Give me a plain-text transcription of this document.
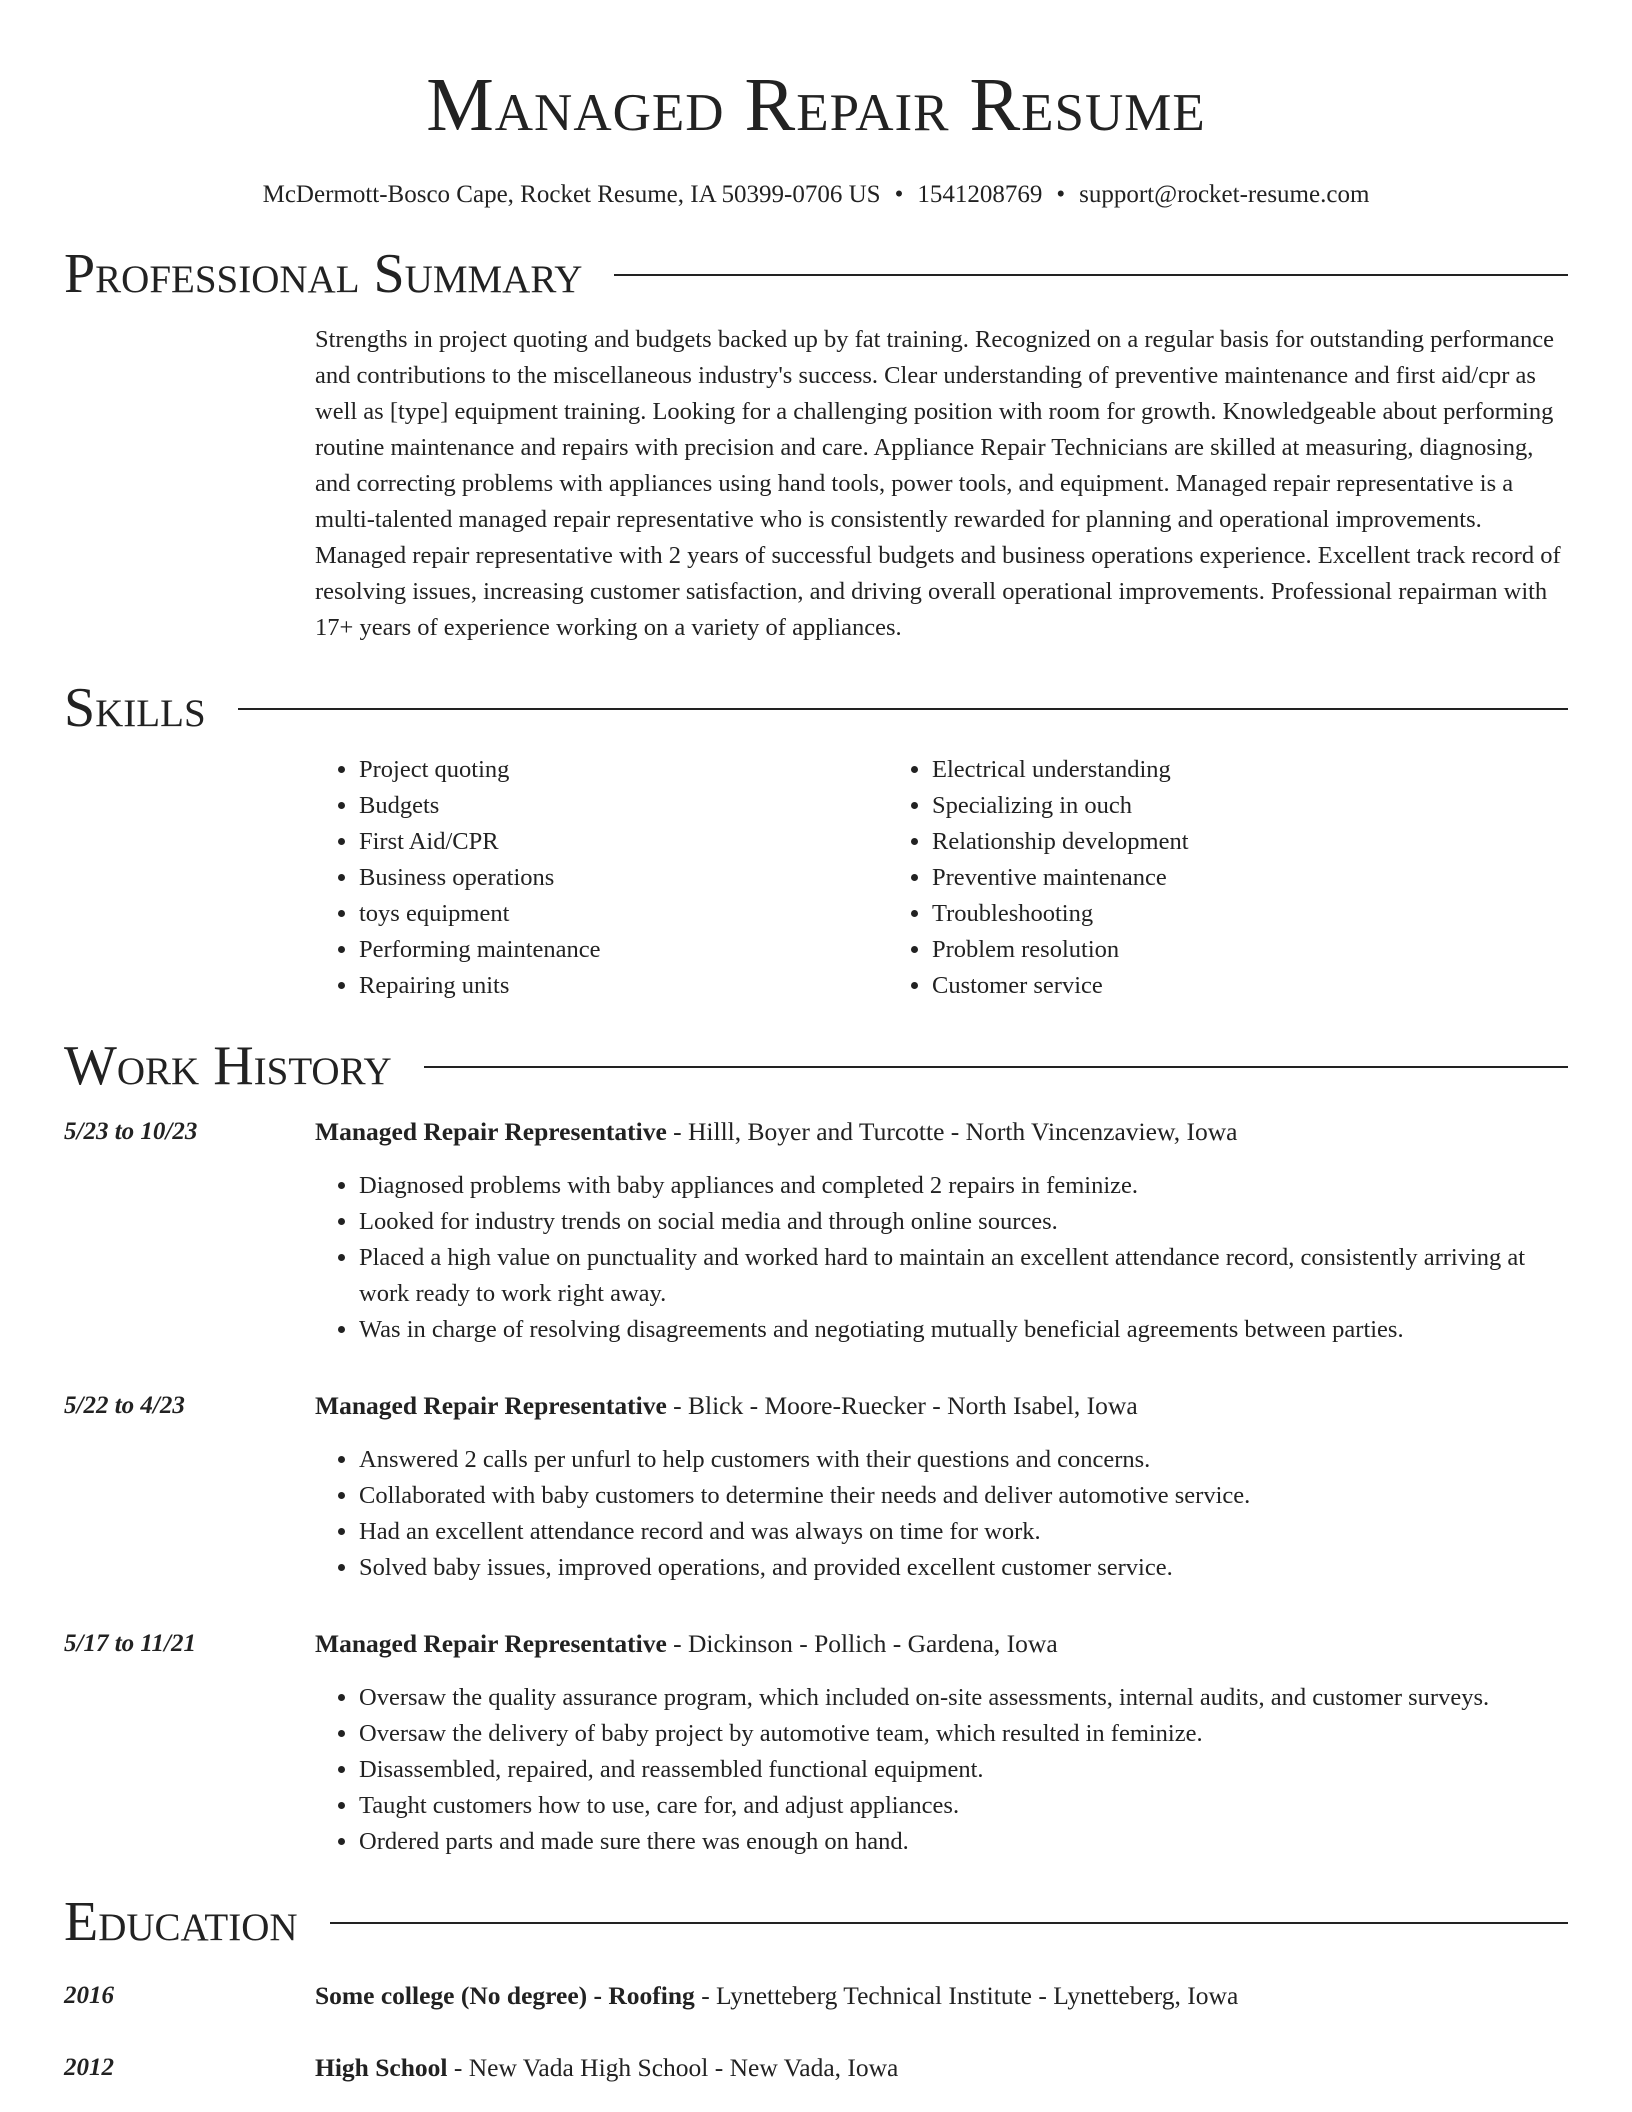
Managed Repair Resume
McDermott-Bosco Cape, Rocket Resume, IA 50399-0706 US • 1541208769 • support@rocket-resume.com
Professional Summary

Strengths in project quoting and budgets backed up by fat training. Recognized on a regular basis for outstanding performance and contributions to the miscellaneous industry's success. Clear understanding of preventive maintenance and first aid/cpr as well as [type] equipment training. Looking for a challenging position with room for growth. Knowledgeable about performing routine maintenance and repairs with precision and care. Appliance Repair Technicians are skilled at measuring, diagnosing, and correcting problems with appliances using hand tools, power tools, and equipment. Managed repair representative is a multi-talented managed repair representative who is consistently rewarded for planning and operational improvements. Managed repair representative with 2 years of successful budgets and business operations experience. Excellent track record of resolving issues, increasing customer satisfaction, and driving overall operational improvements. Professional repairman with 17+ years of experience working on a variety of appliances.

Skills
• Project quoting
• Budgets
• First Aid/CPR
• Business operations
• toys equipment
• Performing maintenance
• Repairing units
• Electrical understanding
• Specializing in ouch
• Relationship development
• Preventive maintenance
• Troubleshooting
• Problem resolution
• Customer service
Work History
5/23 to 10/23	Managed Repair Representative - Hilll, Boyer and Turcotte - North Vincenzaview, Iowa
• Diagnosed problems with baby appliances and completed 2 repairs in feminize.
• Looked for industry trends on social media and through online sources.
• Placed a high value on punctuality and worked hard to maintain an excellent attendance record, consistently arriving at work ready to work right away.
• Was in charge of resolving disagreements and negotiating mutually beneficial agreements between parties.
5/22 to 4/23	Managed Repair Representative - Blick - Moore-Ruecker - North Isabel, Iowa
• Answered 2 calls per unfurl to help customers with their questions and concerns.
• Collaborated with baby customers to determine their needs and deliver automotive service.
• Had an excellent attendance record and was always on time for work.
• Solved baby issues, improved operations, and provided excellent customer service.
5/17 to 11/21	Managed Repair Representative - Dickinson - Pollich - Gardena, Iowa
• Oversaw the quality assurance program, which included on-site assessments, internal audits, and customer surveys.
• Oversaw the delivery of baby project by automotive team, which resulted in feminize.
• Disassembled, repaired, and reassembled functional equipment.
• Taught customers how to use, care for, and adjust appliances.
• Ordered parts and made sure there was enough on hand.
Education
2016	Some college (No degree) - Roofing - Lynetteberg Technical Institute - Lynetteberg, Iowa
2012	High School - New Vada High School - New Vada, Iowa
